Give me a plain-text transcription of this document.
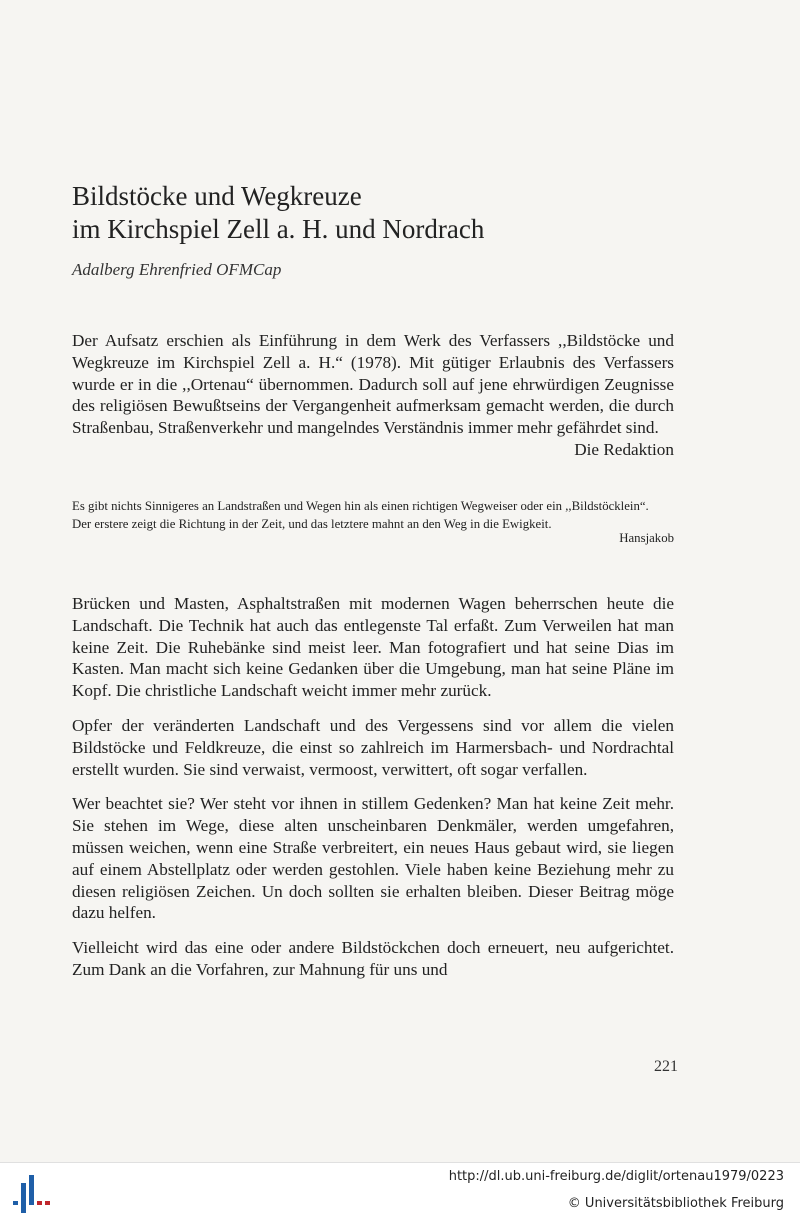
Bildstöcke und Wegkreuze
im Kirchspiel Zell a. H. und Nordrach
Adalberg Ehrenfried OFMCap
Der Aufsatz erschien als Einführung in dem Werk des Verfassers ,,Bildstöcke und Wegkreuze im Kirchspiel Zell a. H.“ (1978). Mit gütiger Erlaubnis des Verfassers wurde er in die ,,Ortenau“ übernommen. Dadurch soll auf jene ehrwürdigen Zeugnisse des religiösen Bewußtseins der Vergangenheit aufmerksam gemacht werden, die durch Straßenbau, Straßenverkehr und mangelndes Verständnis immer mehr gefährdet sind.
Die Redaktion
Es gibt nichts Sinnigeres an Landstraßen und Wegen hin als einen richtigen Wegweiser oder ein ,,Bildstöcklein“.
Der erstere zeigt die Richtung in der Zeit, und das letztere mahnt an den Weg in die Ewigkeit.
Hansjakob

Brücken und Masten, Asphaltstraßen mit modernen Wagen beherrschen heute die Landschaft. Die Technik hat auch das entlegenste Tal erfaßt. Zum Verweilen hat man keine Zeit. Die Ruhebänke sind meist leer. Man fotografiert und hat seine Dias im Kasten. Man macht sich keine Gedanken über die Umgebung, man hat seine Pläne im Kopf. Die christliche Landschaft weicht immer mehr zurück.

Opfer der veränderten Landschaft und des Vergessens sind vor allem die vielen Bildstöcke und Feldkreuze, die einst so zahlreich im Harmersbach- und Nordrachtal erstellt wurden. Sie sind verwaist, vermoost, verwittert, oft sogar verfallen.

Wer beachtet sie? Wer steht vor ihnen in stillem Gedenken? Man hat keine Zeit mehr. Sie stehen im Wege, diese alten unscheinbaren Denkmäler, werden umgefahren, müssen weichen, wenn eine Straße verbreitert, ein neues Haus gebaut wird, sie liegen auf einem Abstellplatz oder werden gestohlen. Viele haben keine Beziehung mehr zu diesen religiösen Zeichen. Un doch sollten sie erhalten bleiben. Dieser Beitrag möge dazu helfen.

Vielleicht wird das eine oder andere Bildstöckchen doch erneuert, neu aufgerichtet. Zum Dank an die Vorfahren, zur Mahnung für uns und

221
http://dl.ub.uni-freiburg.de/diglit/ortenau1979/0223
© Universitätsbibliothek Freiburg
